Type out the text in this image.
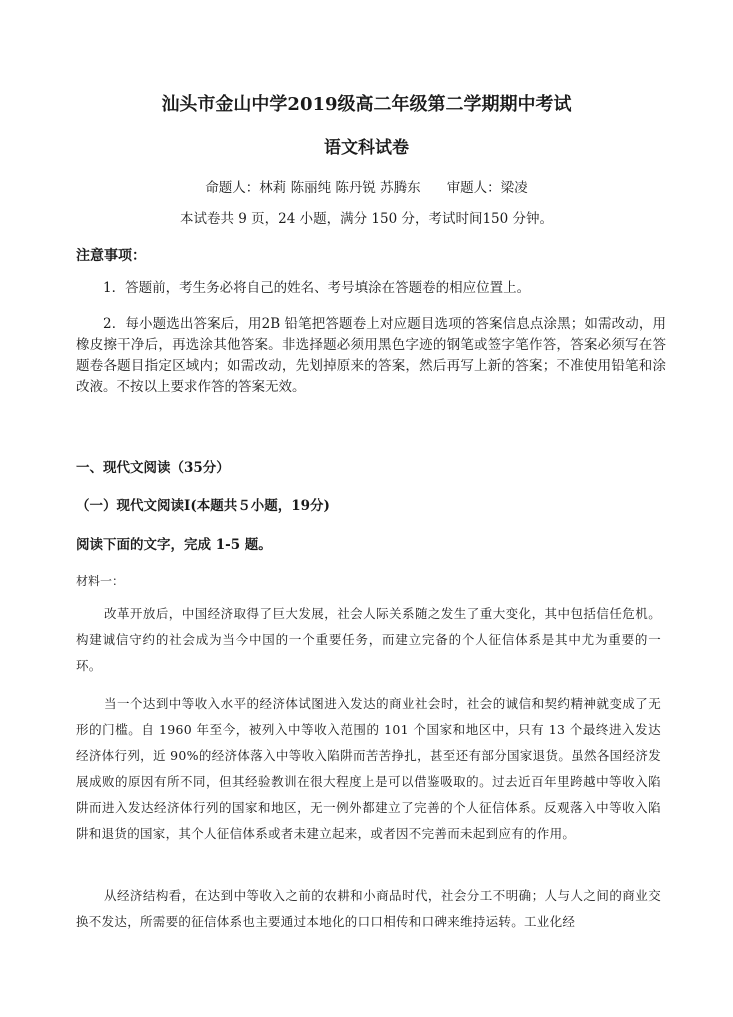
汕头市金山中学2019级高二年级第二学期期中考试
语文科试卷
命题人：林莉 陈丽纯 陈丹锐 苏腾东 审题人：梁凌
本试卷共 9 页，24 小题，满分 150 分，考试时间150 分钟。
注意事项：
1．答题前，考生务必将自己的姓名、考号填涂在答题卷的相应位置上。
2．每小题选出答案后，用2B 铅笔把答题卷上对应题目选项的答案信息点涂黑；如需改动，用橡皮擦干净后，再选涂其他答案。非选择题必须用黑色字迹的钢笔或签字笔作答，答案必须写在答题卷各题目指定区域内；如需改动，先划掉原来的答案，然后再写上新的答案；不准使用铅笔和涂改液。不按以上要求作答的答案无效。
一、现代文阅读（35分）
（一）现代文阅读Ⅰ(本题共５小题，19分)
阅读下面的文字，完成 1-5 题。
材料一：
改革开放后，中国经济取得了巨大发展，社会人际关系随之发生了重大变化，其中包括信任危机。构建诚信守约的社会成为当今中国的一个重要任务，而建立完备的个人征信体系是其中尤为重要的一环。
当一个达到中等收入水平的经济体试图进入发达的商业社会时，社会的诚信和契约精神就变成了无形的门槛。自 1960 年至今，被列入中等收入范围的 101 个国家和地区中，只有 13 个最终进入发达经济体行列，近 90%的经济体落入中等收入陷阱而苦苦挣扎，甚至还有部分国家退货。虽然各国经济发展成败的原因有所不同，但其经验教训在很大程度上是可以借鉴吸取的。过去近百年里跨越中等收入陷阱而进入发达经济体行列的国家和地区，无一例外都建立了完善的个人征信体系。反观落入中等收入陷阱和退货的国家，其个人征信体系或者未建立起来，或者因不完善而未起到应有的作用。
从经济结构看，在达到中等收入之前的农耕和小商品时代，社会分工不明确；人与人之间的商业交换不发达，所需要的征信体系也主要通过本地化的口口相传和口碑来维持运转。工业化经
